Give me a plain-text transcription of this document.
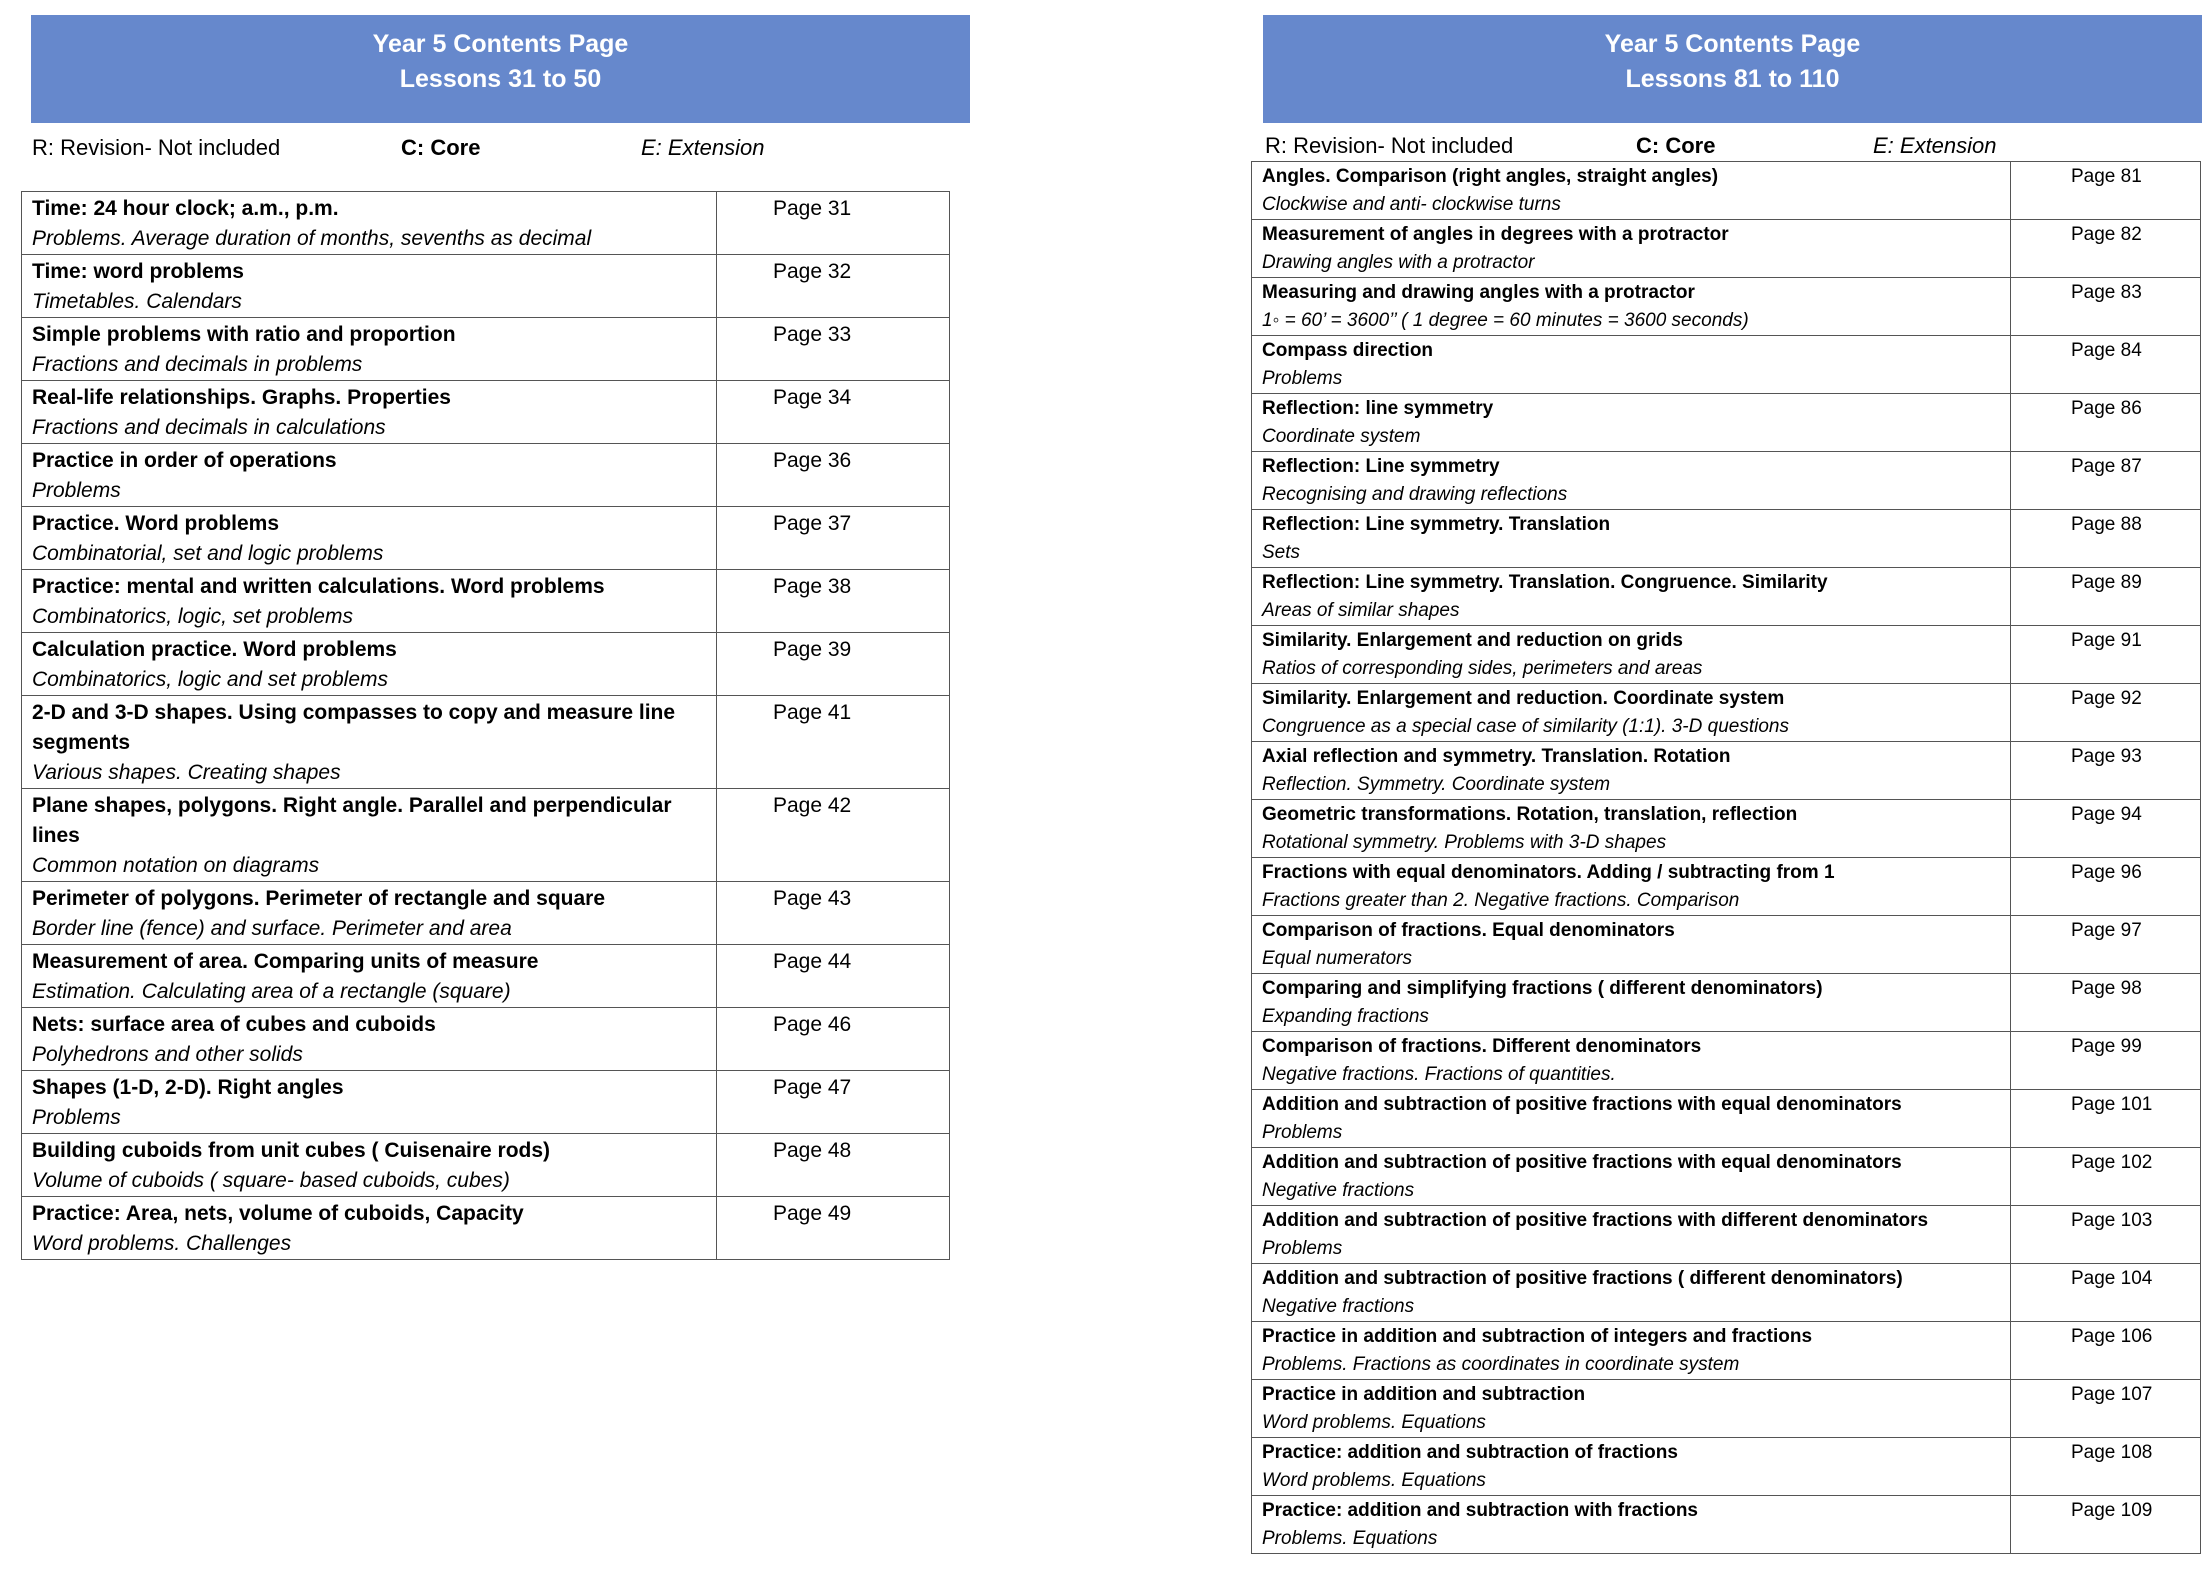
Year 5 Contents Page
Lessons 31 to 50
R: Revision- Not included	C: Core	E: Extension
Time: 24 hour clock; a.m., p.m.
Problems. Average duration of months, sevenths as decimal	Page 31

Time: word problems
Timetables. Calendars	Page 32

Simple problems with ratio and proportion
Fractions and decimals in problems	Page 33

Real-life relationships. Graphs. Properties
Fractions and decimals in calculations	Page 34

Practice in order of operations
Problems	Page 36

Practice. Word problems
Combinatorial, set and logic problems	Page 37

Practice: mental and written calculations. Word problems
Combinatorics, logic, set problems	Page 38

Calculation practice. Word problems
Combinatorics, logic and set problems	Page 39

2-D and 3-D shapes. Using compasses to copy and measure line segments
Various shapes. Creating shapes	Page 41

Plane shapes, polygons. Right angle. Parallel and perpendicular lines
Common notation on diagrams	Page 42

Perimeter of polygons. Perimeter of rectangle and square
Border line (fence) and surface. Perimeter and area	Page 43

Measurement of area. Comparing units of measure
Estimation. Calculating area of a rectangle (square)	Page 44

Nets: surface area of cubes and cuboids
Polyhedrons and other solids	Page 46

Shapes (1-D, 2-D). Right angles
Problems	Page 47

Building cuboids from unit cubes ( Cuisenaire rods)
Volume of cuboids ( square- based cuboids, cubes)	Page 48

Practice: Area, nets, volume of cuboids, Capacity
Word problems. Challenges	Page 49
Year 5 Contents Page
Lessons 81 to 110
R: Revision- Not included	C: Core	E: Extension
Angles. Comparison (right angles, straight angles)
Clockwise and anti- clockwise turns	Page 81

Measurement of angles in degrees with a protractor
Drawing angles with a protractor	Page 82

Measuring and drawing angles with a protractor
1◦ = 60’ = 3600’’ ( 1 degree = 60 minutes = 3600 seconds)	Page 83

Compass direction
Problems	Page 84

Reflection: line symmetry
Coordinate system	Page 86

Reflection: Line symmetry
Recognising and drawing reflections	Page 87

Reflection: Line symmetry. Translation
Sets	Page 88

Reflection: Line symmetry. Translation. Congruence. Similarity
Areas of similar shapes	Page 89

Similarity. Enlargement and reduction on grids
Ratios of corresponding sides, perimeters and areas	Page 91

Similarity. Enlargement and reduction. Coordinate system
Congruence as a special case of similarity (1:1). 3-D questions	Page 92

Axial reflection and symmetry. Translation. Rotation
Reflection. Symmetry. Coordinate system	Page 93

Geometric transformations. Rotation, translation, reflection
Rotational symmetry. Problems with 3-D shapes	Page 94

Fractions with equal denominators. Adding / subtracting from 1
Fractions greater than 2. Negative fractions. Comparison	Page 96

Comparison of fractions. Equal denominators
Equal numerators	Page 97

Comparing and simplifying fractions ( different denominators)
Expanding fractions	Page 98

Comparison of fractions. Different denominators
Negative fractions. Fractions of quantities.	Page 99

Addition and subtraction of positive fractions with equal denominators
Problems	Page 101

Addition and subtraction of positive fractions with equal denominators
Negative fractions	Page 102

Addition and subtraction of positive fractions with different denominators
Problems	Page 103

Addition and subtraction of positive fractions ( different denominators)
Negative fractions	Page 104

Practice in addition and subtraction of integers and fractions
Problems. Fractions as coordinates in coordinate system	Page 106

Practice in addition and subtraction
Word problems. Equations	Page 107

Practice: addition and subtraction of fractions
Word problems. Equations	Page 108

Practice: addition and subtraction with fractions
Problems. Equations	Page 109
